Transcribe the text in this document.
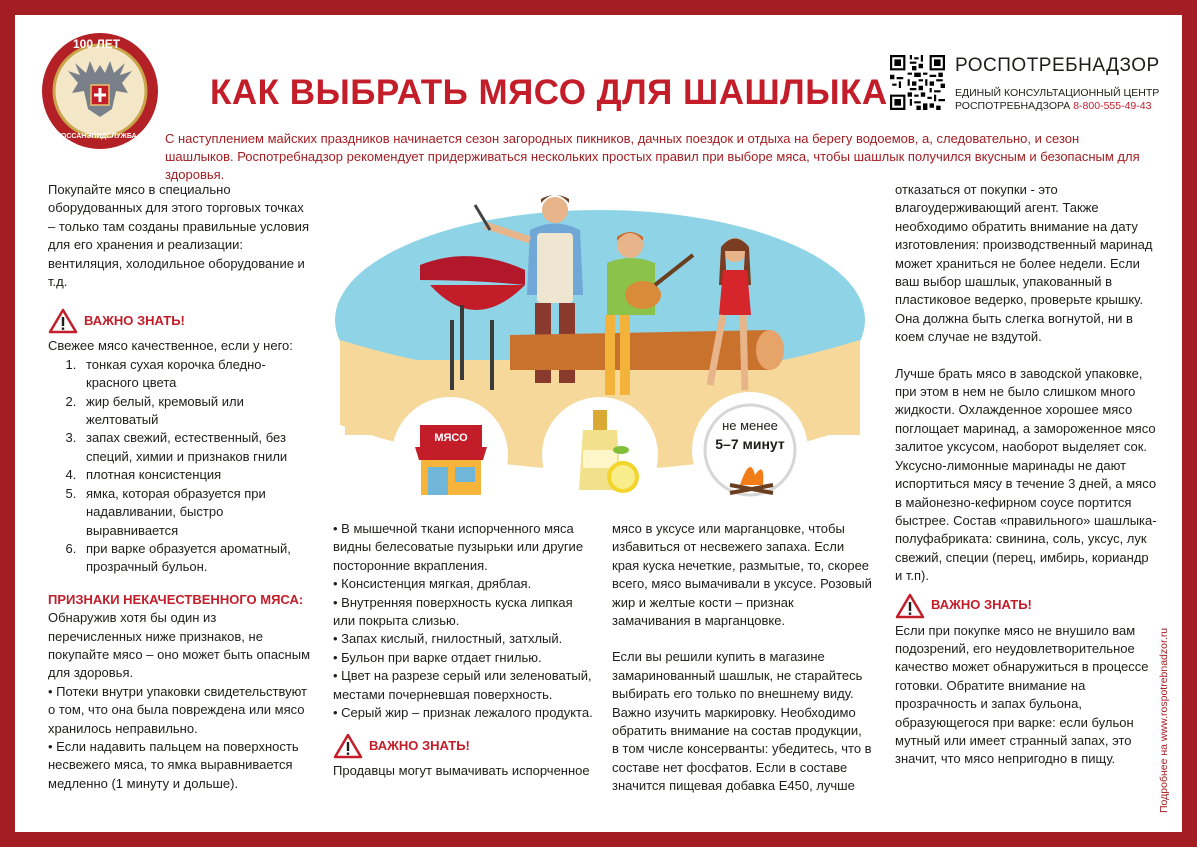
100 ЛЕТ
ГОССАНЭПИДСЛУЖБА
КАК ВЫБРАТЬ МЯСО ДЛЯ ШАШЛЫКА
РОСПОТРЕБНАДЗОР
ЕДИНЫЙ КОНСУЛЬТАЦИОННЫЙ ЦЕНТР
РОСПОТРЕБНАДЗОРА 8-800-555-49-43
С наступлением майских праздников начинается сезон загородных пикников, дачных поездок и отдыха на берегу водоемов, а, следовательно, и сезон шашлыков. Роспотребнадзор рекомендует придерживаться нескольких простых правил при выборе мяса, чтобы шашлык получился вкусным и безопасным для здоровья.

Покупайте мясо в специально оборудованных для этого торговых точках – только там созданы правильные условия для его хранения и реализации: вентиляция, холодильное оборудование и т.д.

ВАЖНО ЗНАТЬ!

Свежее мясо качественное, если у него:

1. тонкая сухая корочка бледно-красного цвета
2. жир белый, кремовый или желтоватый
3. запах свежий, естественный, без специй, химии и признаков гнили
4. плотная консистенция
5. ямка, которая образуется при надавливании, быстро выравнивается
6. при варке образуется ароматный, прозрачный бульон.

ПРИЗНАКИ НЕКАЧЕСТВЕННОГО МЯСА:

Обнаружив хотя бы один из перечисленных ниже признаков, не покупайте мясо – оно может быть опасным для здоровья.

• Потеки внутри упаковки свидетельствуют о том, что она была повреждена или мясо хранилось неправильно.

• Если надавить пальцем на поверхность несвежего мяса, то ямка выравнивается медленно (1 минуту и дольше).

МЯСО
не менее
5–7 минут

• В мышечной ткани испорченного мяса видны белесоватые пузырьки или другие посторонние вкрапления.

• Консистенция мягкая, дряблая.

• Внутренняя поверхность куска липкая или покрыта слизью.

• Запах кислый, гнилостный, затхлый.

• Бульон при варке отдает гнилью.

• Цвет на разрезе серый или зеленоватый, местами почерневшая поверхность.

• Серый жир – признак лежалого продукта.

ВАЖНО ЗНАТЬ!

Продавцы могут вымачивать испорченное

мясо в уксусе или марганцовке, чтобы избавиться от несвежего запаха. Если края куска нечеткие, размытые, то, скорее всего, мясо вымачивали в уксусе. Розовый жир и желтые кости – признак замачивания в марганцовке.

Если вы решили купить в магазине замаринованный шашлык, не старайтесь выбирать его только по внешнему виду. Важно изучить маркировку. Необходимо обратить внимание на состав продукции, в том числе консерванты: убедитесь, что в составе нет фосфатов. Если в составе значится пищевая добавка Е450, лучше

отказаться от покупки - это влагоудерживающий агент. Также необходимо обратить внимание на дату изготовления: производственный маринад может храниться не более недели. Если ваш выбор шашлык, упакованный в пластиковое ведерко, проверьте крышку. Она должна быть слегка вогнутой, ни в коем случае не вздутой.

Лучше брать мясо в заводской упаковке, при этом в нем не было слишком много жидкости. Охлажденное хорошее мясо поглощает маринад, а замороженное мясо залитое уксусом, наоборот выделяет сок. Уксусно-лимонные маринады не дают испортиться мясу в течение 3 дней, а мясо в майонезно-кефирном соусе портится быстрее. Состав «правильного» шашлыка-полуфабриката: свинина, соль, уксус, лук свежий, специи (перец, имбирь, кориандр и т.п).

ВАЖНО ЗНАТЬ!

Если при покупке мясо не внушило вам подозрений, его неудовлетворительное качество может обнаружиться в процессе готовки. Обратите внимание на прозрачность и запах бульона, образующегося при варке: если бульон мутный или имеет странный запах, это значит, что мясо непригодно в пищу.	Подробнее на www.rospotrebnadzor.ru
